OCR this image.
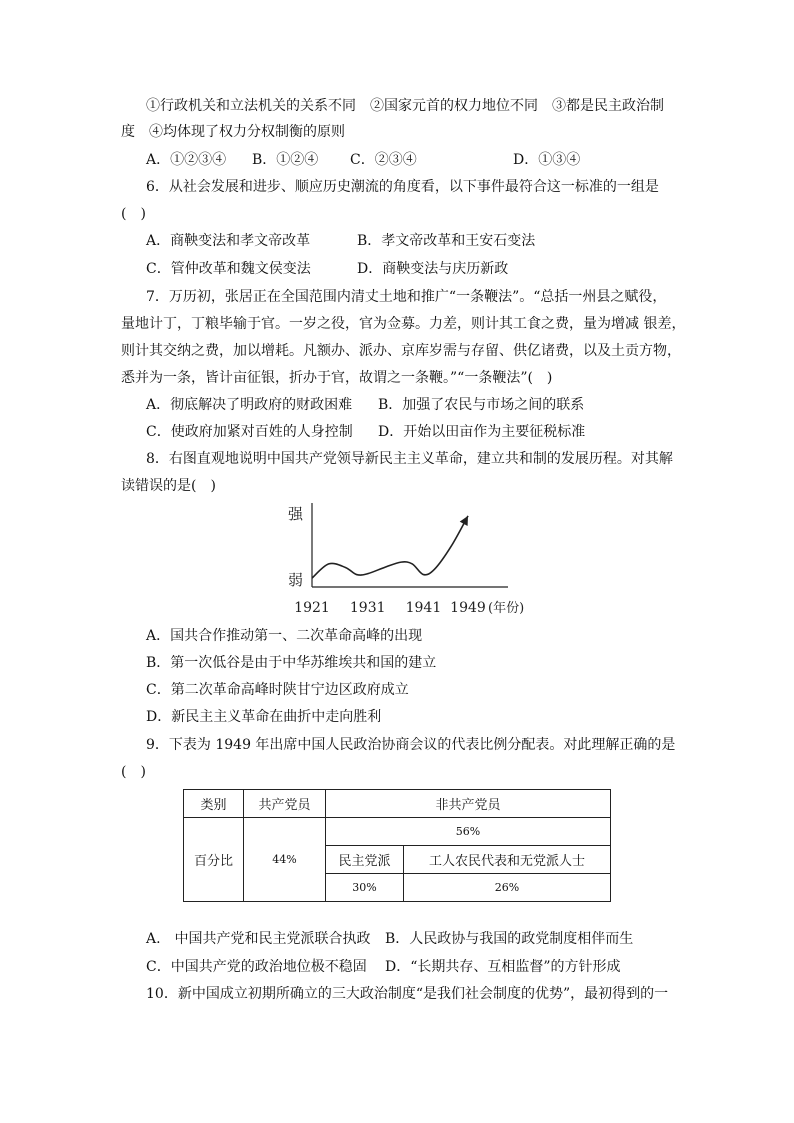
①行政机关和立法机关的关系不同　②国家元首的权力地位不同　③都是民主政治制
度　④均体现了权力分权制衡的原则
A．①②③④ B．①②④ C．②③④	D．①③④
6．从社会发展和进步、顺应历史潮流的角度看，以下事件最符合这一标准的一组是
(　)
A．商鞅变法和孝文帝改革	B．孝文帝改革和王安石变法
C．管仲改革和魏文侯变法	D．商鞅变法与庆历新政
7．万历初，张居正在全国范围内清丈土地和推广“一条鞭法”。“总括一州县之赋役，
量地计丁，丁粮毕输于官。一岁之役，官为佥募。力差，则计其工食之费，量为增减 银差，
则计其交纳之费，加以增耗。凡额办、派办、京库岁需与存留、供亿诸费，以及土贡方物，
悉并为一条，皆计亩征银，折办于官，故谓之一条鞭。”“一条鞭法”(　)
A．彻底解决了明政府的财政困难 B．加强了农民与市场之间的联系
C．使政府加紧对百姓的人身控制 D．开始以田亩作为主要征税标准
8．右图直观地说明中国共产党领导新民主主义革命，建立共和制的发展历程。对其解
读错误的是(　)
强
弱
1921 1931 1941 1949 (年份)
A．国共合作推动第一、二次革命高峰的出现
B．第一次低谷是由于中华苏维埃共和国的建立
C．第二次革命高峰时陕甘宁边区政府成立
D．新民主主义革命在曲折中走向胜利
9．下表为 1949 年出席中国人民政治协商会议的代表比例分配表。对此理解正确的是
(　)
类别	共产党员	非共产党员	
百分比	44%	56%	
		民主党派	工人农民代表和无党派人士
		30%	26%
A.　中国共产党和民主党派联合执政 B．人民政协与我国的政党制度相伴而生
C．中国共产党的政治地位极不稳固 D．“长期共存、互相监督”的方针形成
10．新中国成立初期所确立的三大政治制度“是我们社会制度的优势”，最初得到的一
